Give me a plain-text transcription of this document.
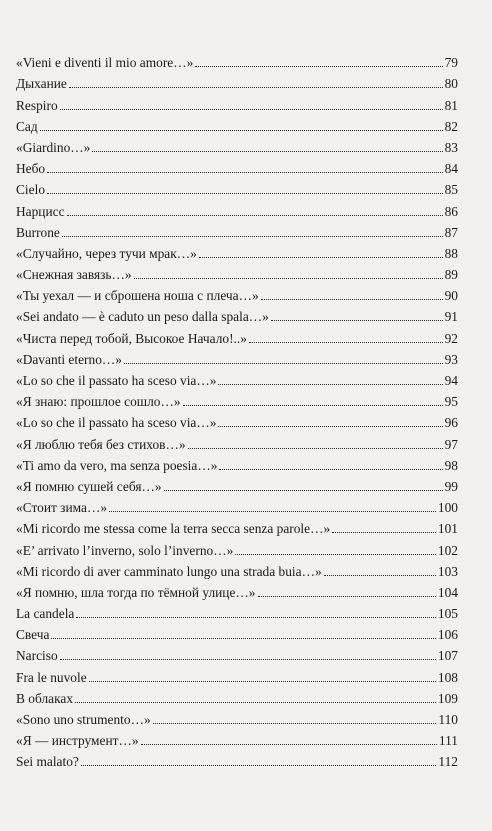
«Vieni e diventi il mio amore…»	79
Дыхание	80
Respiro	81
Сад	82
«Giardino…»	83
Небо	84
Cielo	85
Нарцисс	86
Burrone	87
«Случайно, через тучи мрак…»	88
«Снежная завязь…»	89
«Ты уехал — и сброшена ноша с плеча…»	90
«Sei andato — è caduto un peso dalla spala…»	91
«Чиста перед тобой, Высокое Начало!..»	92
«Davanti eterno…»	93
«Lo so che il passato ha sceso via…»	94
«Я знаю: прошлое сошло…»	95
«Lo so che il passato ha sceso via…»	96
«Я люблю тебя без стихов…»	97
«Ti amo da vero, ma senza poesia…»	98
«Я помню сушей себя…»	99
«Стоит зима…»	100
«Mi ricordo me stessa come la terra secca senza parole…»	101
«E’ arrivato l’inverno, solo l’inverno…»	102
«Mi ricordo di aver camminato lungo una strada buia…»	103
«Я помню, шла тогда по тёмной улице…»	104
La candela	105
Свеча	106
Narciso	107
Fra le nuvole	108
В облаках	109
«Sono uno strumento…»	110
«Я — инструмент…»	111
Sei malato?	112
